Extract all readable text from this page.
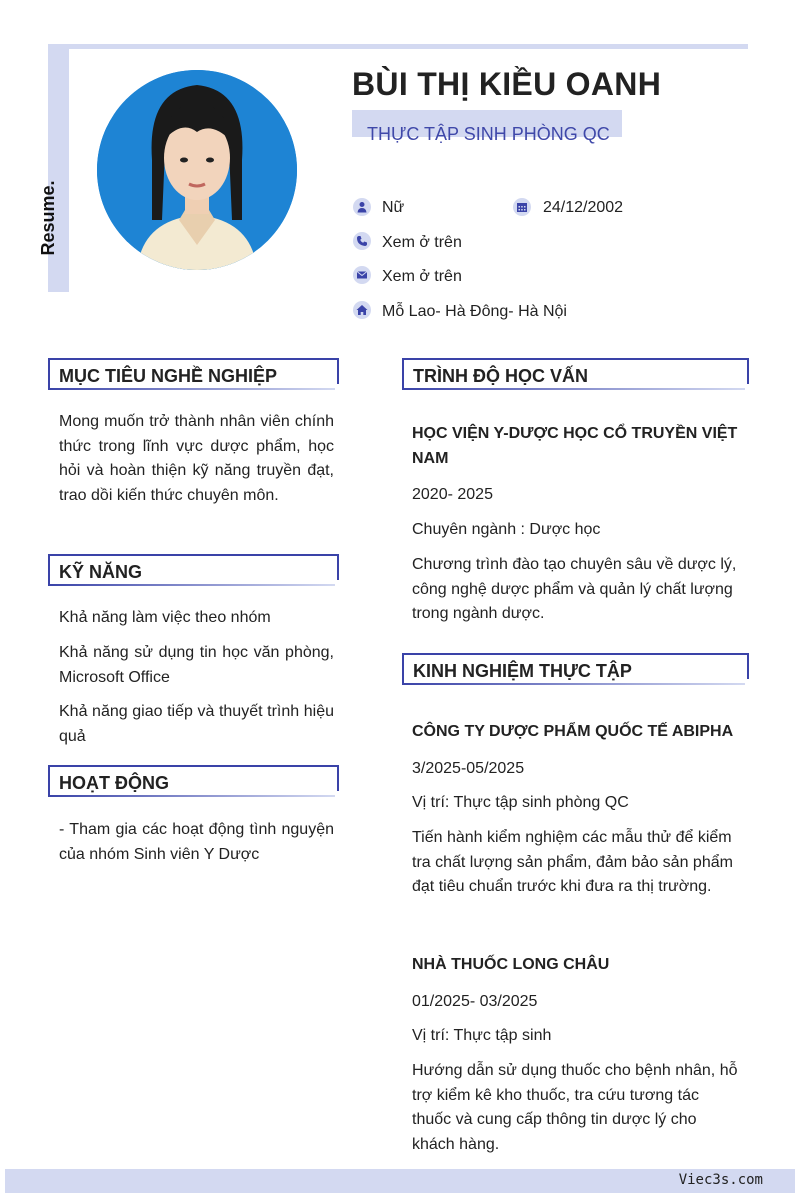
Resume.
BÙI THỊ KIỀU OANH
THỰC TẬP SINH PHÒNG QC
Nữ	24/12/2002
Xem ở trên
Xem ở trên
Mỗ Lao- Hà Đông- Hà Nội
MỤC TIÊU NGHỀ NGHIỆP
Mong muốn trở thành nhân viên chính thức trong lĩnh vực dược phẩm, học hỏi và hoàn thiện kỹ năng truyền đạt, trao dồi kiến thức chuyên môn.
KỸ NĂNG
Khả năng làm việc theo nhóm
Khả năng sử dụng tin học văn phòng, Microsoft Office
Khả năng giao tiếp và thuyết trình hiệu quả
HOẠT ĐỘNG
- Tham gia các hoạt động tình nguyện của nhóm Sinh viên Y Dược
TRÌNH ĐỘ HỌC VẤN
HỌC VIỆN Y-DƯỢC HỌC CỔ TRUYỀN VIỆT NAM
2020- 2025
Chuyên ngành : Dược học
Chương trình đào tạo chuyên sâu về dược lý, công nghệ dược phẩm và quản lý chất lượng trong ngành dược.
KINH NGHIỆM THỰC TẬP
CÔNG TY DƯỢC PHẨM QUỐC TẾ ABIPHA
3/2025-05/2025
Vị trí: Thực tập sinh phòng QC
Tiến hành kiểm nghiệm các mẫu thử để kiểm tra chất lượng sản phẩm, đảm bảo sản phẩm đạt tiêu chuẩn trước khi đưa ra thị trường.
NHÀ THUỐC LONG CHÂU
01/2025- 03/2025
Vị trí: Thực tập sinh
Hướng dẫn sử dụng thuốc cho bệnh nhân, hỗ trợ kiểm kê kho thuốc, tra cứu tương tác thuốc và cung cấp thông tin dược lý cho khách hàng.
Viec3s.com
